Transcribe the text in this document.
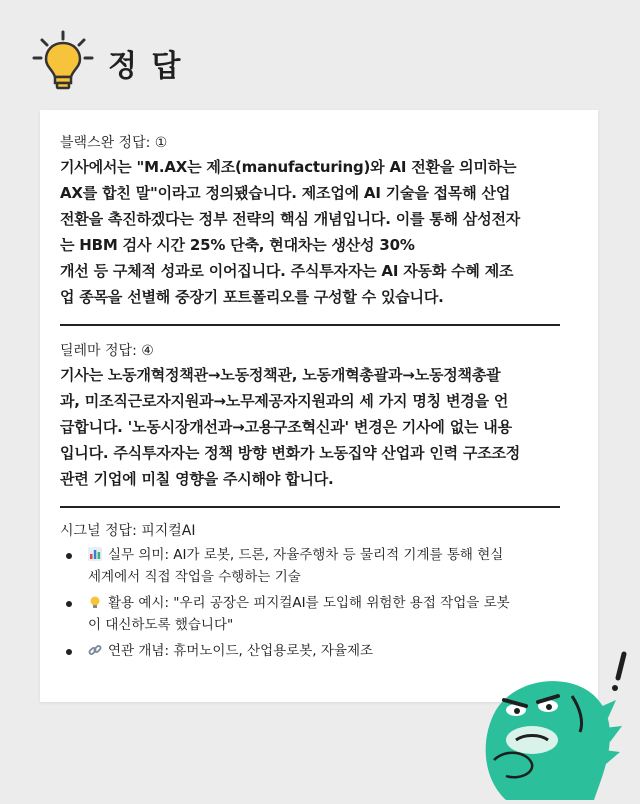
정 답

블랙스완 정답: ①

기사에서는 "M.AX는 제조(manufacturing)와 AI 전환을 의미하는
AX를 합친 말"이라고 정의됐습니다. 제조업에 AI 기술을 접목해 산업
전환을 촉진하겠다는 정부 전략의 핵심 개념입니다. 이를 통해 삼성전자
는 HBM 검사 시간 25% 단축, 현대차는 생산성 30%
개선 등 구체적 성과로 이어집니다. 주식투자자는 AI 자동화 수혜 제조
업 종목을 선별해 중장기 포트폴리오를 구성할 수 있습니다.

딜레마 정답: ④

기사는 노동개혁정책관→노동정책관, 노동개혁총괄과→노동정책총괄
과, 미조직근로자지원과→노무제공자지원과의 세 가지 명칭 변경을 언
급합니다. '노동시장개선과→고용구조혁신과' 변경은 기사에 없는 내용
입니다. 주식투자자는 정책 방향 변화가 노동집약 산업과 인력 구조조정
관련 기업에 미칠 영향을 주시해야 합니다.

시그널 정답: 피지컬AI

실무 의미: AI가 로봇, 드론, 자율주행차 등 물리적 기계를 통해 현실
세계에서 직접 작업을 수행하는 기술
활용 예시: "우리 공장은 피지컬AI를 도입해 위험한 용접 작업을 로봇
이 대신하도록 했습니다"
연관 개념: 휴머노이드, 산업용로봇, 자율제조
